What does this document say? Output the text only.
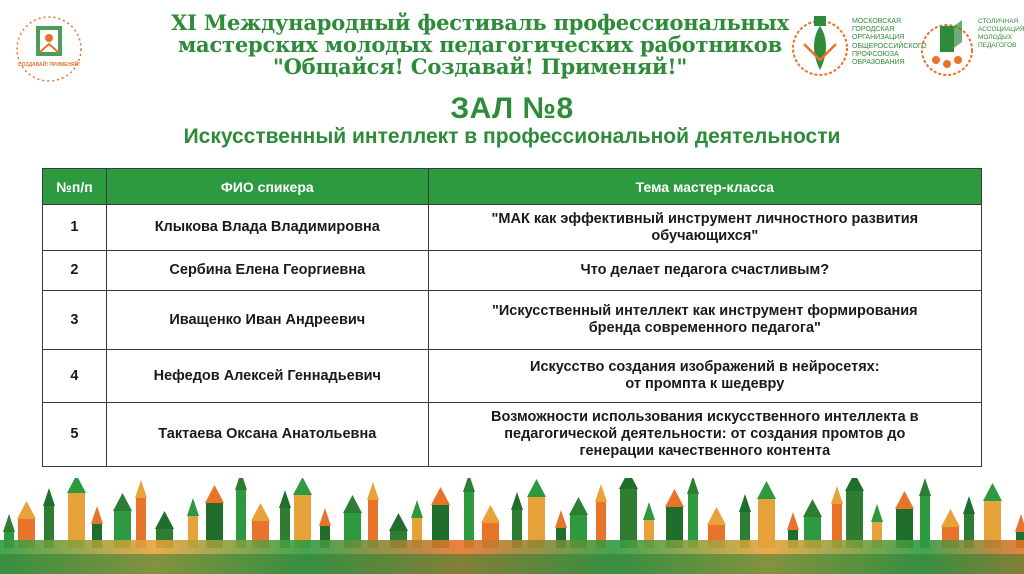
СОЗДАВАЙ! ПРИМЕНЯЙ!
XI Международный фестиваль профессиональных
мастерских молодых педагогических работников
"Общайся! Создавай! Применяй!"
МОСКОВСКАЯ
ГОРОДСКАЯ
ОРГАНИЗАЦИЯ
ОБЩЕРОССИЙСКОГО
ПРОФСОЮЗА
ОБРАЗОВАНИЯ
СТОЛИЧНАЯ
АССОЦИАЦИЯ
МОЛОДЫХ
ПЕДАГОГОВ
ЗАЛ №8
Искусственный интеллект в профессиональной деятельности
№п/п	ФИО спикера	Тема мастер-класса
1	Клыкова Влада Владимировна	"МАК как эффективный инструмент личностного развития
обучающихся"

2	Сербина Елена Георгиевна	Что делает педагога счастливым?

3	Иващенко Иван Андреевич	"Искусственный интеллект как инструмент формирования
бренда современного педагога"

4	Нефедов Алексей Геннадьевич	Искусство создания изображений в нейросетях:
от промпта к шедевру

5	Тактаева Оксана Анатольевна	Возможности использования искусственного интеллекта в
педагогической деятельности: от создания промтов до
генерации качественного контента
